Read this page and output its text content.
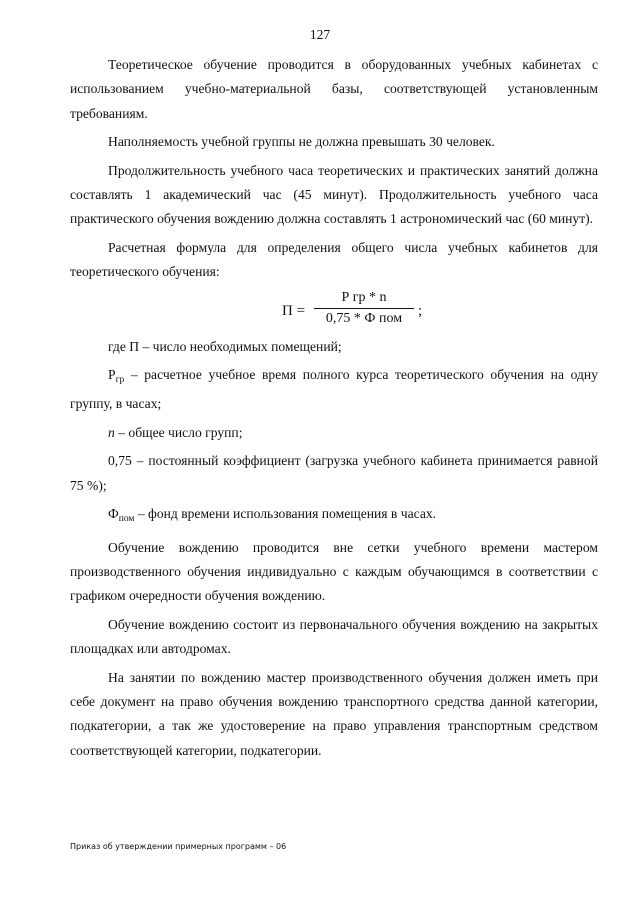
127

Теоретическое обучение проводится в оборудованных учебных кабинетах с использованием учебно-материальной базы, соответствующей установленным требованиям.

Наполняемость учебной группы не должна превышать 30 человек.

Продолжительность учебного часа теоретических и практических занятий должна составлять 1 академический час (45 минут). Продолжительность учебного часа практического обучения вождению должна составлять 1 астрономический час (60 минут).

Расчетная формула для определения общего числа учебных кабинетов для теоретического обучения:

П =
Р гр * n
0,75 * Ф пом	;

где П – число необходимых помещений;

$Р_{гр}$ – расчетное учебное время полного курса теоретического обучения на одну группу, в часах;

n – общее число групп;

0,75 – постоянный коэффициент (загрузка учебного кабинета принимается равной 75 %);

$Ф_{пом}$ – фонд времени использования помещения в часах.

Обучение вождению проводится вне сетки учебного времени мастером производственного обучения индивидуально с каждым обучающимся в соответствии с графиком очередности обучения вождению.

Обучение вождению состоит из первоначального обучения вождению на закрытых площадках или автодромах.

На занятии по вождению мастер производственного обучения должен иметь при себе документ на право обучения вождению транспортного средства данной категории, подкатегории, а так же удостоверение на право управления транспортным средством соответствующей категории, подкатегории.

Приказ об утверждении примерных программ – 06
